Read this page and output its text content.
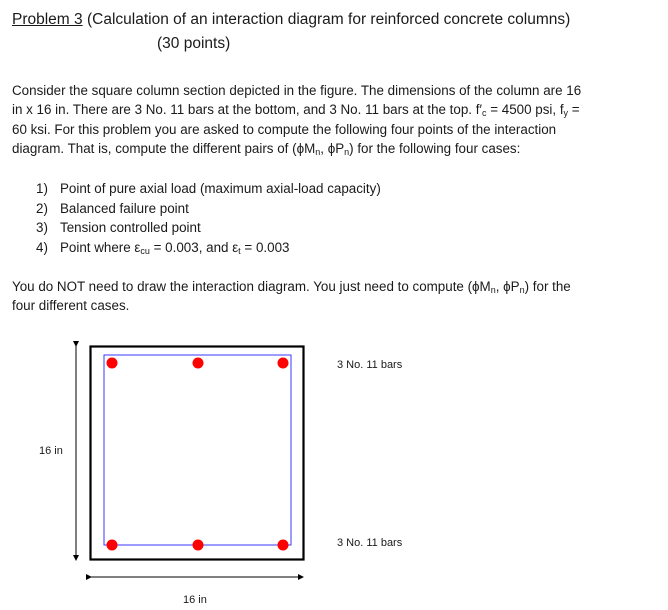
Problem 3 (Calculation of an interaction diagram for reinforced concrete columns)
(30 points)

Consider the square column section depicted in the figure. The dimensions of the column are 16

in x 16 in. There are 3 No. 11 bars at the bottom, and 3 No. 11 bars at the top. $f'_c = 4500$ psi, $f_y$ =

60 ksi. For this problem you are asked to compute the following four points of the interaction

diagram. That is, compute the different pairs of ($\phi M_n$, $\phi P_n$) for the following four cases:

1) Point of pure axial load (maximum axial-load capacity)
2) Balanced failure point
3) Tension controlled point
4) Point where $\varepsilon_{cu} = 0.003$, and $\varepsilon_t = 0.003$

You do NOT need to draw the interaction diagram. You just need to compute ($\phi M_n$, $\phi P_n$) for the

four different cases.

3 No. 11 bars
3 No. 11 bars
16 in
16 in
